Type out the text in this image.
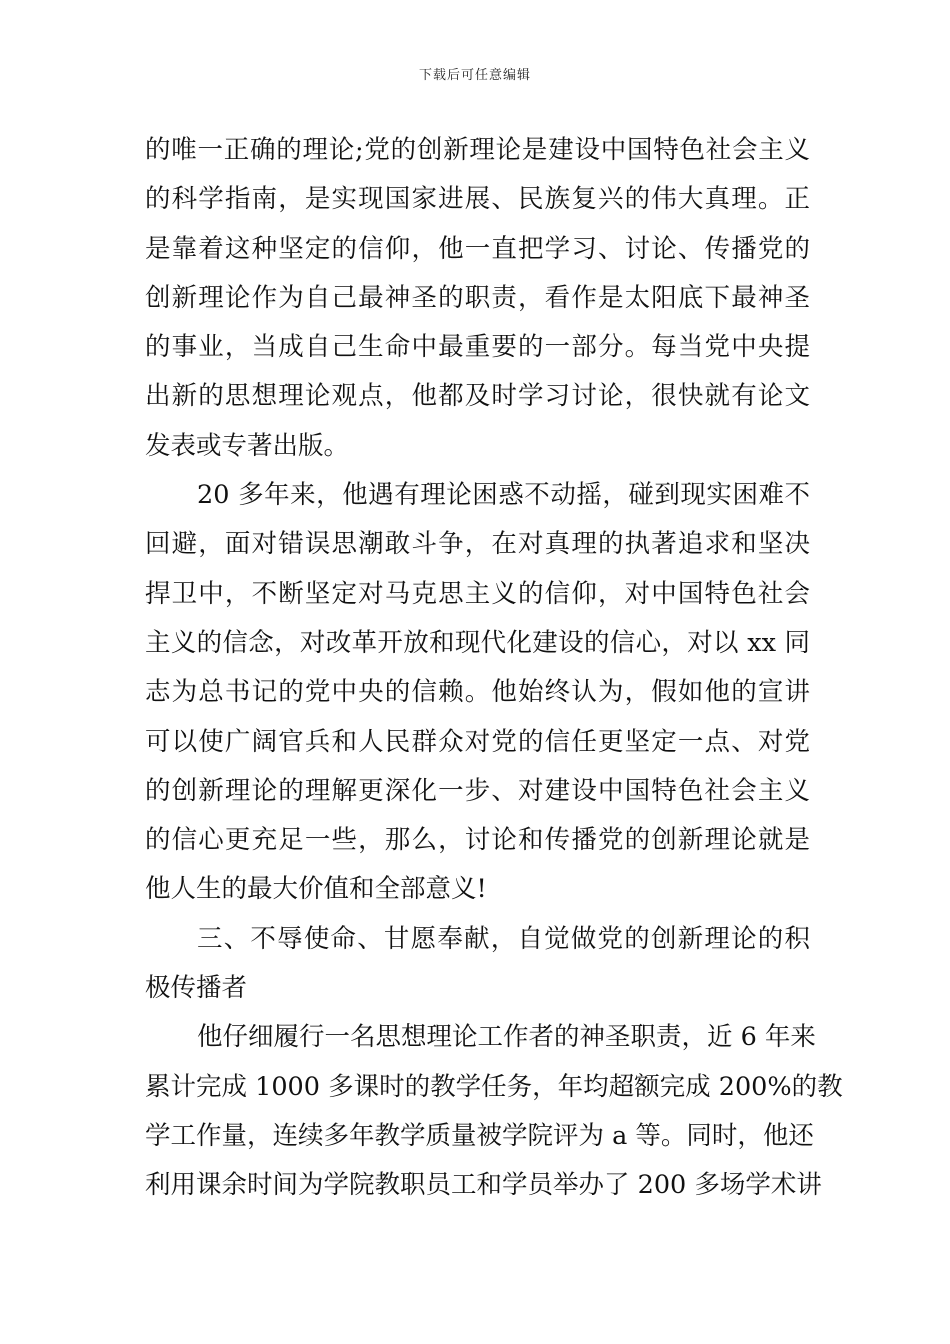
下载后可任意编辑
的唯一正确的理论;党的创新理论是建设中国特色社会主义
的科学指南，是实现国家进展、民族复兴的伟大真理。正
是靠着这种坚定的信仰，他一直把学习、讨论、传播党的
创新理论作为自己最神圣的职责，看作是太阳底下最神圣
的事业，当成自己生命中最重要的一部分。每当党中央提
出新的思想理论观点，他都及时学习讨论，很快就有论文
发表或专著出版。
20 多年来，他遇有理论困惑不动摇，碰到现实困难不
回避，面对错误思潮敢斗争，在对真理的执著追求和坚决
捍卫中，不断坚定对马克思主义的信仰，对中国特色社会
主义的信念，对改革开放和现代化建设的信心，对以 xx 同
志为总书记的党中央的信赖。他始终认为，假如他的宣讲
可以使广阔官兵和人民群众对党的信任更坚定一点、对党
的创新理论的理解更深化一步、对建设中国特色社会主义
的信心更充足一些，那么，讨论和传播党的创新理论就是
他人生的最大价值和全部意义!
三、不辱使命、甘愿奉献，自觉做党的创新理论的积
极传播者
他仔细履行一名思想理论工作者的神圣职责，近 6 年来
累计完成 1000 多课时的教学任务，年均超额完成 200%的教
学工作量，连续多年教学质量被学院评为 a 等。同时，他还
利用课余时间为学院教职员工和学员举办了 200 多场学术讲
